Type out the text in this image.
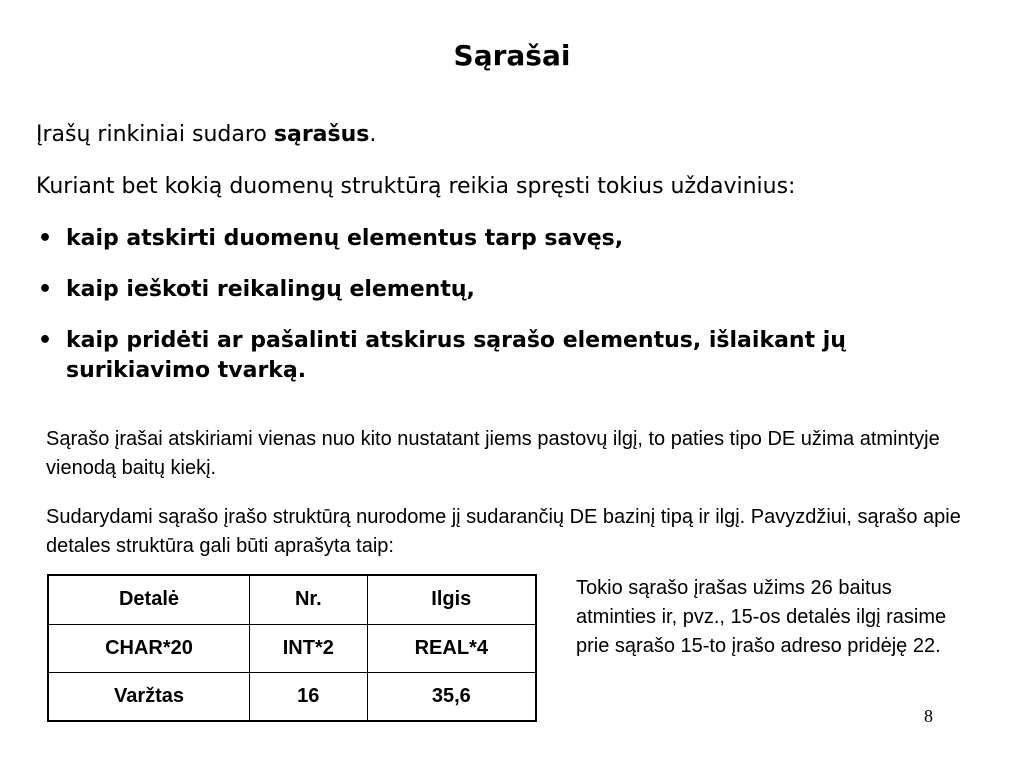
Sąrašai

Įrašų rinkiniai sudaro sąrašus.

Kuriant bet kokią duomenų struktūrą reikia spręsti tokius uždavinius:

• kaip atskirti duomenų elementus tarp savęs,
• kaip ieškoti reikalingų elementų,
• kaip pridėti ar pašalinti atskirus sąrašo elementus, išlaikant jų surikiavimo tvarką.

Sąrašo įrašai atskiriami vienas nuo kito nustatant jiems pastovų ilgį, to paties tipo DE užima atmintyje vienodą baitų kiekį.

Sudarydami sąrašo įrašo struktūrą nurodome jį sudarančių DE bazinį tipą ir ilgį. Pavyzdžiui, sąrašo apie detales struktūra gali būti aprašyta taip:

Detalė	Nr.	Ilgis
CHAR*20	INT*2	REAL*4
Varžtas	16	35,6

Tokio sąrašo įrašas užims 26 baitus atminties ir, pvz., 15-os detalės ilgį rasime prie sąrašo 15-to įrašo adreso pridėję 22.

8
